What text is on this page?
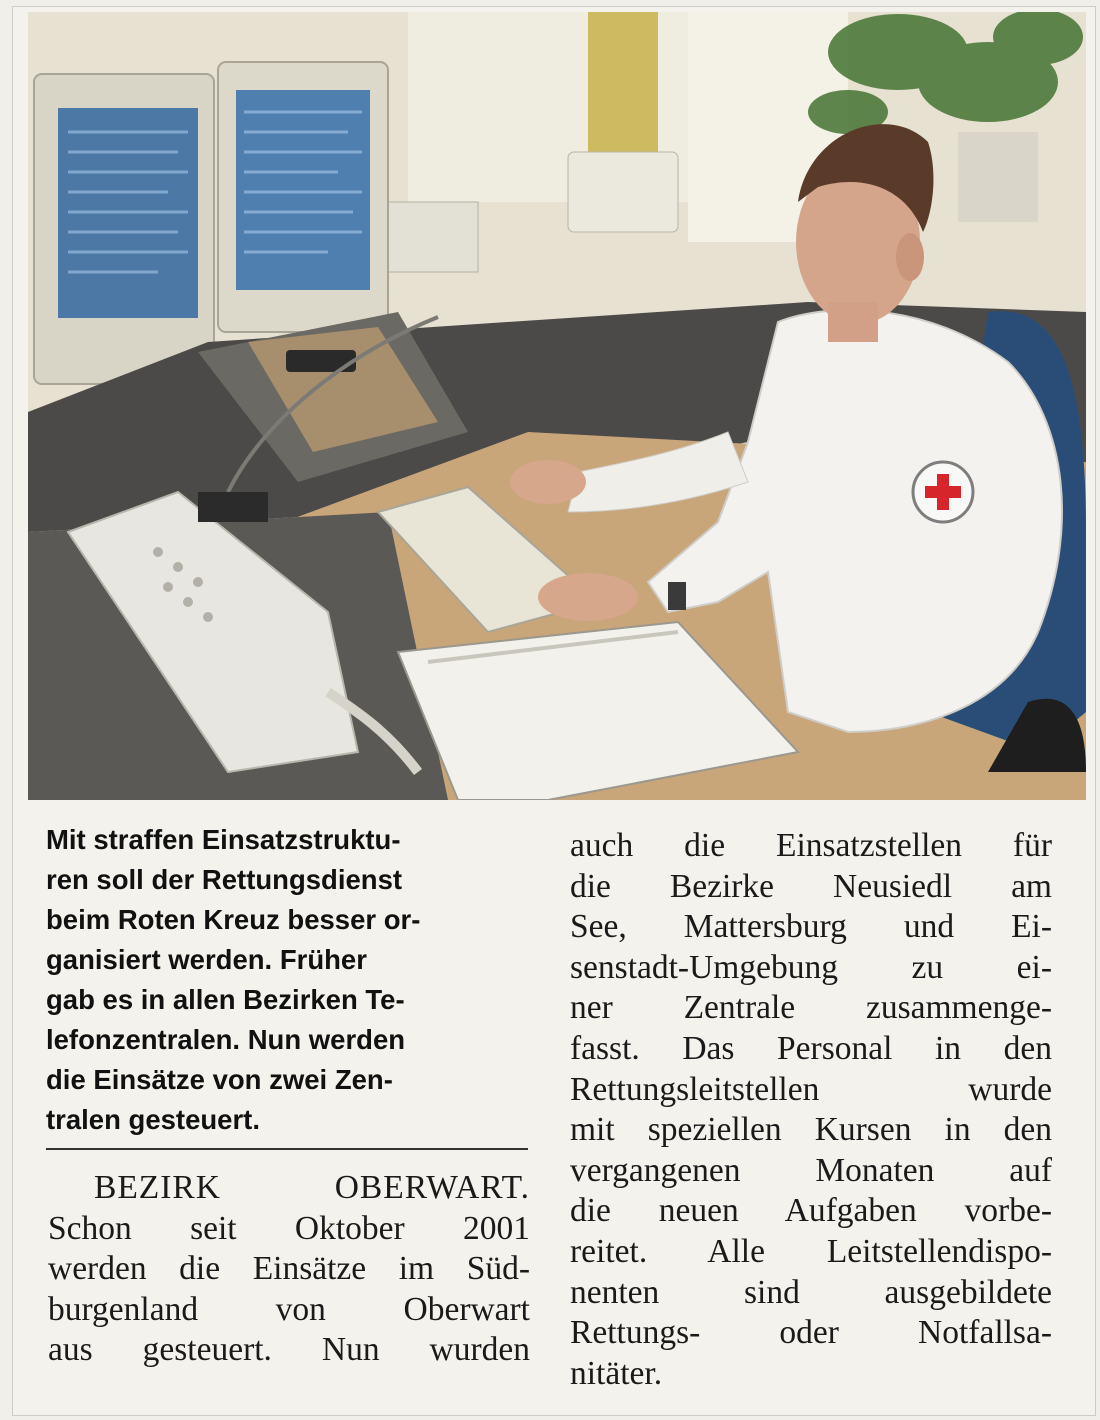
Mit straffen Einsatzstruktu-

ren soll der Rettungsdienst

beim Roten Kreuz besser or-

ganisiert werden. Früher

gab es in allen Bezirken Te-

lefonzentralen. Nun werden

die Einsätze von zwei Zen-

tralen gesteuert.

BEZIRK OBERWART.

Schon seit Oktober 2001

werden die Einsätze im Süd-

burgenland von Oberwart

aus gesteuert. Nun wurden

auch die Einsatzstellen für

die Bezirke Neusiedl am

See, Mattersburg und Ei-

senstadt-Umgebung zu ei-

ner Zentrale zusammenge-

fasst. Das Personal in den

Rettungsleitstellen wurde

mit speziellen Kursen in den

vergangenen Monaten auf

die neuen Aufgaben vorbe-

reitet. Alle Leitstellendispo-

nenten sind ausgebildete

Rettungs- oder Notfallsa-

nitäter.
